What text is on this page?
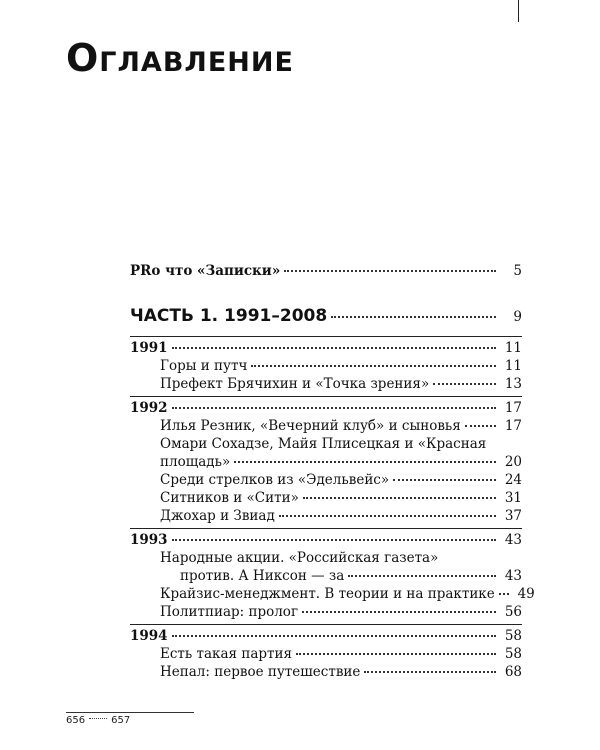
Оглавление
PRо что «Записки»	5
ЧАСТЬ 1. 1991–2008	9
1991	11
Горы и путч	11
Префект Брячихин и «Точка зрения»	13
1992	17
Илья Резник, «Вечерний клуб» и сыновья	17
Омари Сохадзе, Майя Плисецкая и «Красная
площадь»	20
Среди стрелков из «Эдельвейс»	24
Ситников и «Сити»	31
Джохар и Звиад	37
1993	43
Народные акции. «Российская газета»
против. А Никсон — за	43
Крайзис-менеджмент. В теории и на практике	49
Политпиар: пролог	56
1994	58
Есть такая партия	58
Непал: первое путешествие	68
656	657
